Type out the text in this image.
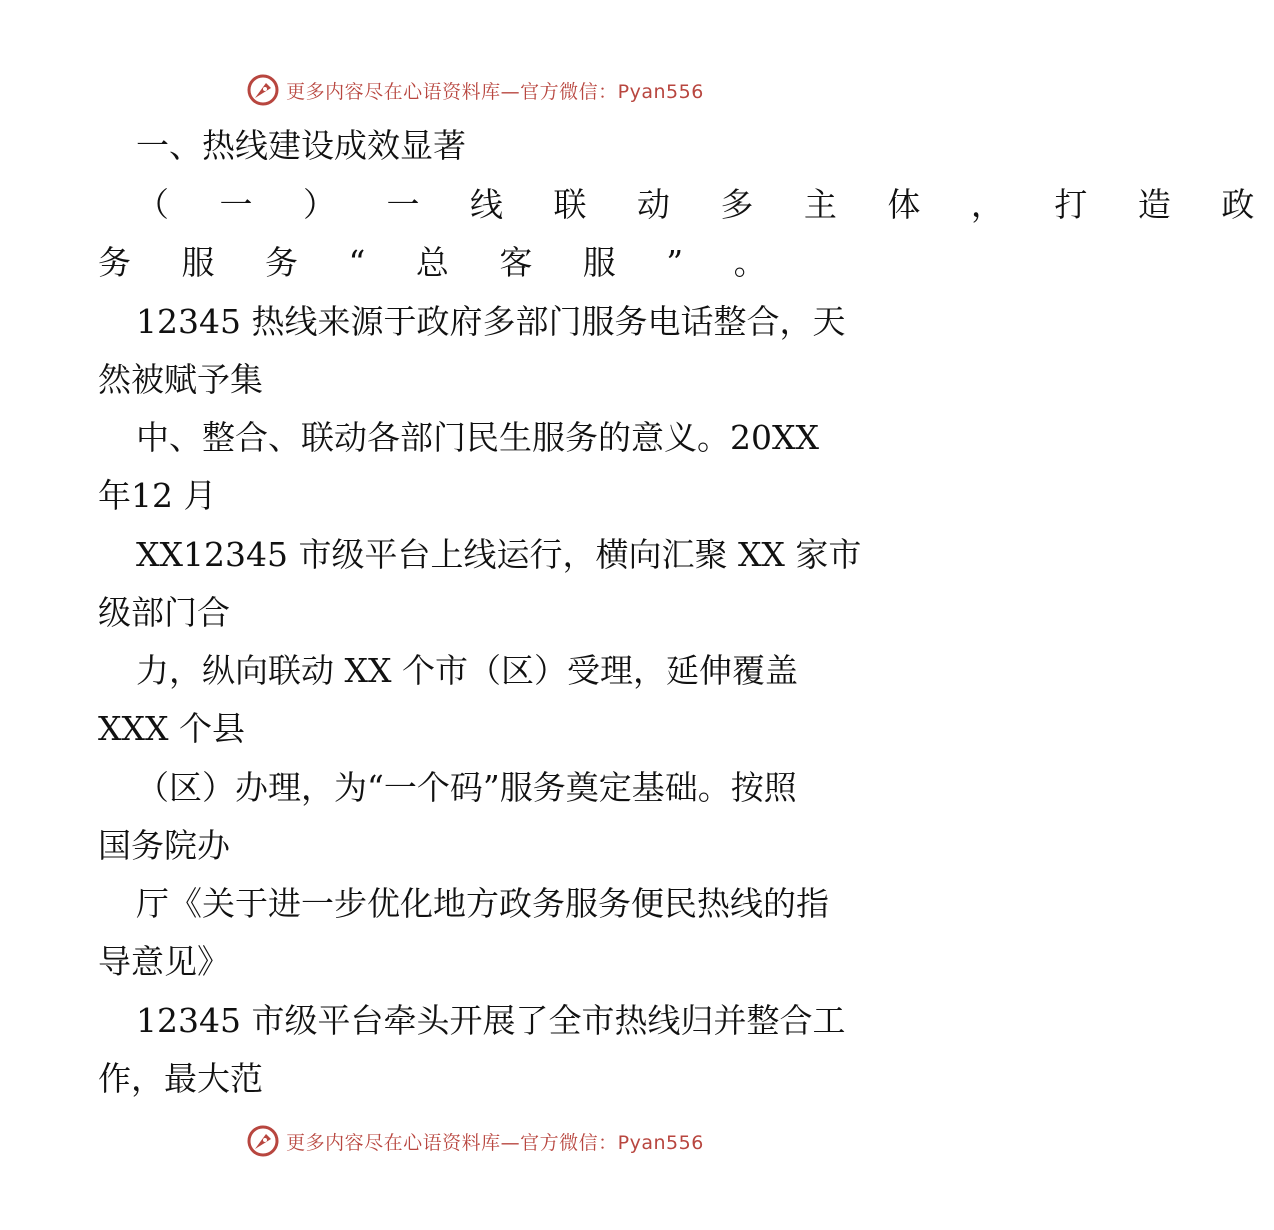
更多内容尽在心语资料库—官方微信：Pyan556
一、热线建设成效显著
（ 一 ） 一 线 联 动 多 主 体 ， 打 造 政
务 服 务 “ 总 客 服 ” 。
12345 热线来源于政府多部门服务电话整合，天
然被赋予集
中、整合、联动各部门民生服务的意义。20XX
年12 月
XX12345 市级平台上线运行，横向汇聚 XX 家市
级部门合
力，纵向联动 XX 个市（区）受理，延伸覆盖
XXX 个县
（区）办理，为“一个码”服务奠定基础。按照
国务院办
厅《关于进一步优化地方政务服务便民热线的指
导意见》
12345 市级平台牵头开展了全市热线归并整合工
作，最大范
更多内容尽在心语资料库—官方微信：Pyan556
